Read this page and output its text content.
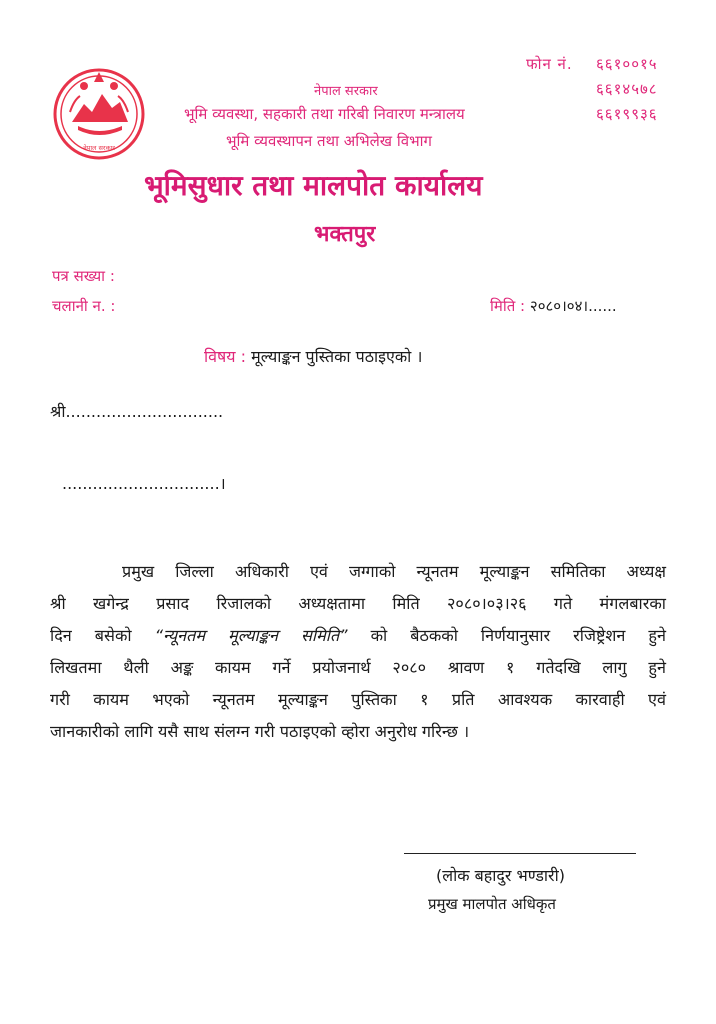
नेपाल सरकार
फोन नं. ६६१००१५
६६१४५७८
६६१९९३६
नेपाल सरकार
भूमि व्यवस्था, सहकारी तथा गरिबी निवारण मन्त्रालय
भूमि व्यवस्थापन तथा अभिलेख विभाग
भूमिसुधार तथा मालपोत कार्यालय
भक्तपुर
पत्र सख्या :
चलानी न. :	मिति : २०८०।०४।......
विषय : मूल्याङ्कन पुस्तिका पठाइएको ।
श्री...............................
...............................।
प्रमुख जिल्ला अधिकारी एवं जग्गाको न्यूनतम मूल्याङ्कन समितिका अध्यक्ष
श्री खगेन्द्र प्रसाद रिजालको अध्यक्षतामा मिति २०८०।०३।२६ गते मंगलबारका
दिन बसेको “न्यूनतम मूल्याङ्कन समिति” को बैठकको निर्णयानुसार रजिष्ट्रेशन हुने
लिखतमा थैली अङ्क कायम गर्ने प्रयोजनार्थ २०८० श्रावण १ गतेदखि लागु हुने
गरी कायम भएको न्यूनतम मूल्याङ्कन पुस्तिका १ प्रति आवश्यक कारवाही एवं
जानकारीको लागि यसै साथ संलग्न गरी पठाइएको व्होरा अनुरोध गरिन्छ ।
(लोक बहादुर भण्डारी)
प्रमुख मालपोत अधिकृत
